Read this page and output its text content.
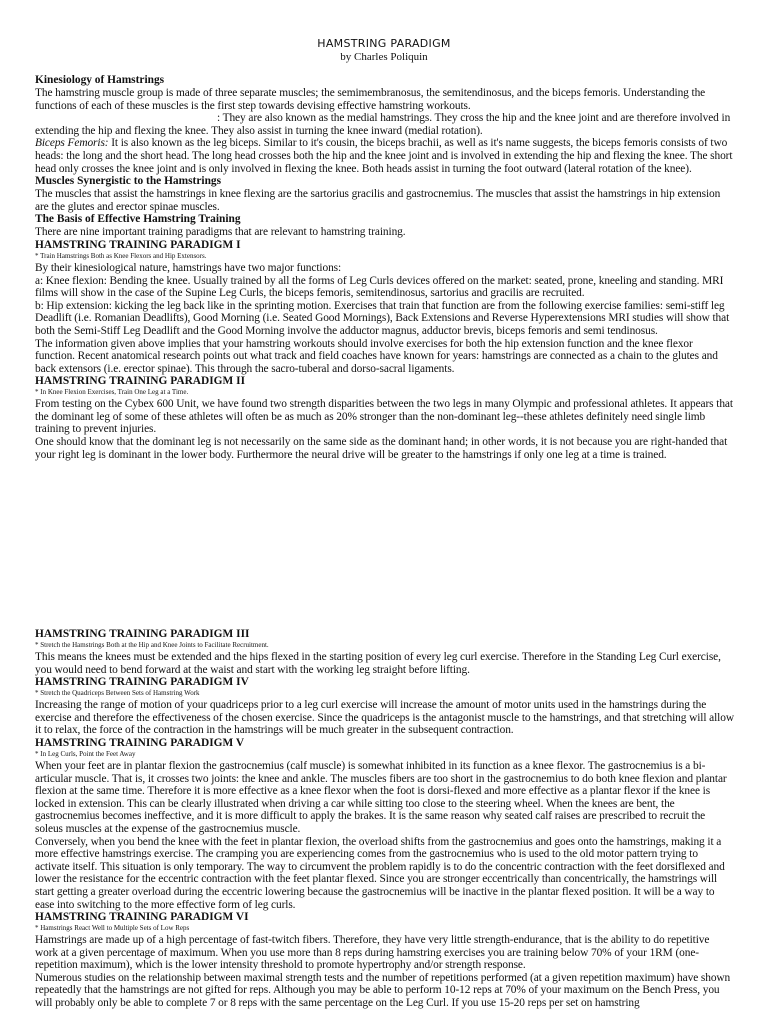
HAMSTRING PARADIGM
by Charles Poliquin

Kinesiology of Hamstrings

The hamstring muscle group is made of three separate muscles; the semimembranosus, the semitendinosus, and the biceps femoris. Understanding the functions of each of these muscles is the first step towards devising effective hamstring workouts.

: They are also known as the medial hamstrings. They cross the hip and the knee joint and are therefore involved in extending the hip and flexing the knee. They also assist in turning the knee inward (medial rotation).

Biceps Femoris: It is also known as the leg biceps. Similar to it's cousin, the biceps brachii, as well as it's name suggests, the biceps femoris consists of two heads: the long and the short head. The long head crosses both the hip and the knee joint and is involved in extending the hip and flexing the knee. The short head only crosses the knee joint and is only involved in flexing the knee. Both heads assist in turning the foot outward (lateral rotation of the knee).

Muscles Synergistic to the Hamstrings

The muscles that assist the hamstrings in knee flexing are the sartorius gracilis and gastrocnemius. The muscles that assist the hamstrings in hip extension are the glutes and erector spinae muscles.

The Basis of Effective Hamstring Training

There are nine important training paradigms that are relevant to hamstring training.

HAMSTRING TRAINING PARADIGM I

* Train Hamstrings Both as Knee Flexors and Hip Extensors.

By their kinesiological nature, hamstrings have two major functions:

a: Knee flexion: Bending the knee. Usually trained by all the forms of Leg Curls devices offered on the market: seated, prone, kneeling and standing. MRI films will show in the case of the Supine Leg Curls, the biceps femoris, semitendinosus, sartorius and gracilis are recruited.

b: Hip extension: kicking the leg back like in the sprinting motion. Exercises that train that function are from the following exercise families: semi-stiff leg Deadlift (i.e. Romanian Deadlifts), Good Morning (i.e. Seated Good Mornings), Back Extensions and Reverse Hyperextensions MRI studies will show that both the Semi-Stiff Leg Deadlift and the Good Morning involve the adductor magnus, adductor brevis, biceps femoris and semi tendinosus.

The information given above implies that your hamstring workouts should involve exercises for both the hip extension function and the knee flexor function. Recent anatomical research points out what track and field coaches have known for years: hamstrings are connected as a chain to the glutes and back extensors (i.e. erector spinae). This through the sacro-tuberal and dorso-sacral ligaments.

HAMSTRING TRAINING PARADIGM II

* In Knee Flexion Exercises, Train One Leg at a Time.

From testing on the Cybex 600 Unit, we have found two strength disparities between the two legs in many Olympic and professional athletes. It appears that the dominant leg of some of these athletes will often be as much as 20% stronger than the non-dominant leg--these athletes definitely need single limb training to prevent injuries.

One should know that the dominant leg is not necessarily on the same side as the dominant hand; in other words, it is not because you are right-handed that your right leg is dominant in the lower body. Furthermore the neural drive will be greater to the hamstrings if only one leg at a time is trained.

HAMSTRING TRAINING PARADIGM III

* Stretch the Hamstrings Both at the Hip and Knee Joints to Facilitate Recruitment.

This means the knees must be extended and the hips flexed in the starting position of every leg curl exercise. Therefore in the Standing Leg Curl exercise, you would need to bend forward at the waist and start with the working leg straight before lifting.

HAMSTRING TRAINING PARADIGM IV

* Stretch the Quadriceps Between Sets of Hamstring Work

Increasing the range of motion of your quadriceps prior to a leg curl exercise will increase the amount of motor units used in the hamstrings during the exercise and therefore the effectiveness of the chosen exercise. Since the quadriceps is the antagonist muscle to the hamstrings, and that stretching will allow it to relax, the force of the contraction in the hamstrings will be much greater in the subsequent contraction.

HAMSTRING TRAINING PARADIGM V

* In Leg Curls, Point the Feet Away

When your feet are in plantar flexion the gastrocnemius (calf muscle) is somewhat inhibited in its function as a knee flexor. The gastrocnemius is a bi-articular muscle. That is, it crosses two joints: the knee and ankle. The muscles fibers are too short in the gastrocnemius to do both knee flexion and plantar flexion at the same time. Therefore it is more effective as a knee flexor when the foot is dorsi-flexed and more effective as a plantar flexor if the knee is locked in extension. This can be clearly illustrated when driving a car while sitting too close to the steering wheel. When the knees are bent, the gastrocnemius becomes ineffective, and it is more difficult to apply the brakes. It is the same reason why seated calf raises are prescribed to recruit the soleus muscles at the expense of the gastrocnemius muscle.

Conversely, when you bend the knee with the feet in plantar flexion, the overload shifts from the gastrocnemius and goes onto the hamstrings, making it a more effective hamstrings exercise. The cramping you are experiencing comes from the gastrocnemius who is used to the old motor pattern trying to activate itself. This situation is only temporary. The way to circumvent the problem rapidly is to do the concentric contraction with the feet dorsiflexed and lower the resistance for the eccentric contraction with the feet plantar flexed. Since you are stronger eccentrically than concentrically, the hamstrings will start getting a greater overload during the eccentric lowering because the gastrocnemius will be inactive in the plantar flexed position. It will be a way to ease into switching to the more effective form of leg curls.

HAMSTRING TRAINING PARADIGM VI

* Hamstrings React Well to Multiple Sets of Low Reps

Hamstrings are made up of a high percentage of fast-twitch fibers. Therefore, they have very little strength-endurance, that is the ability to do repetitive work at a given percentage of maximum. When you use more than 8 reps during hamstring exercises you are training below 70% of your 1RM (one-repetition maximum), which is the lower intensity threshold to promote hypertrophy and/or strength response.

Numerous studies on the relationship between maximal strength tests and the number of repetitions performed (at a given repetition maximum) have shown repeatedly that the hamstrings are not gifted for reps. Although you may be able to perform 10-12 reps at 70% of your maximum on the Bench Press, you will probably only be able to complete 7 or 8 reps with the same percentage on the Leg Curl. If you use 15-20 reps per set on hamstring
